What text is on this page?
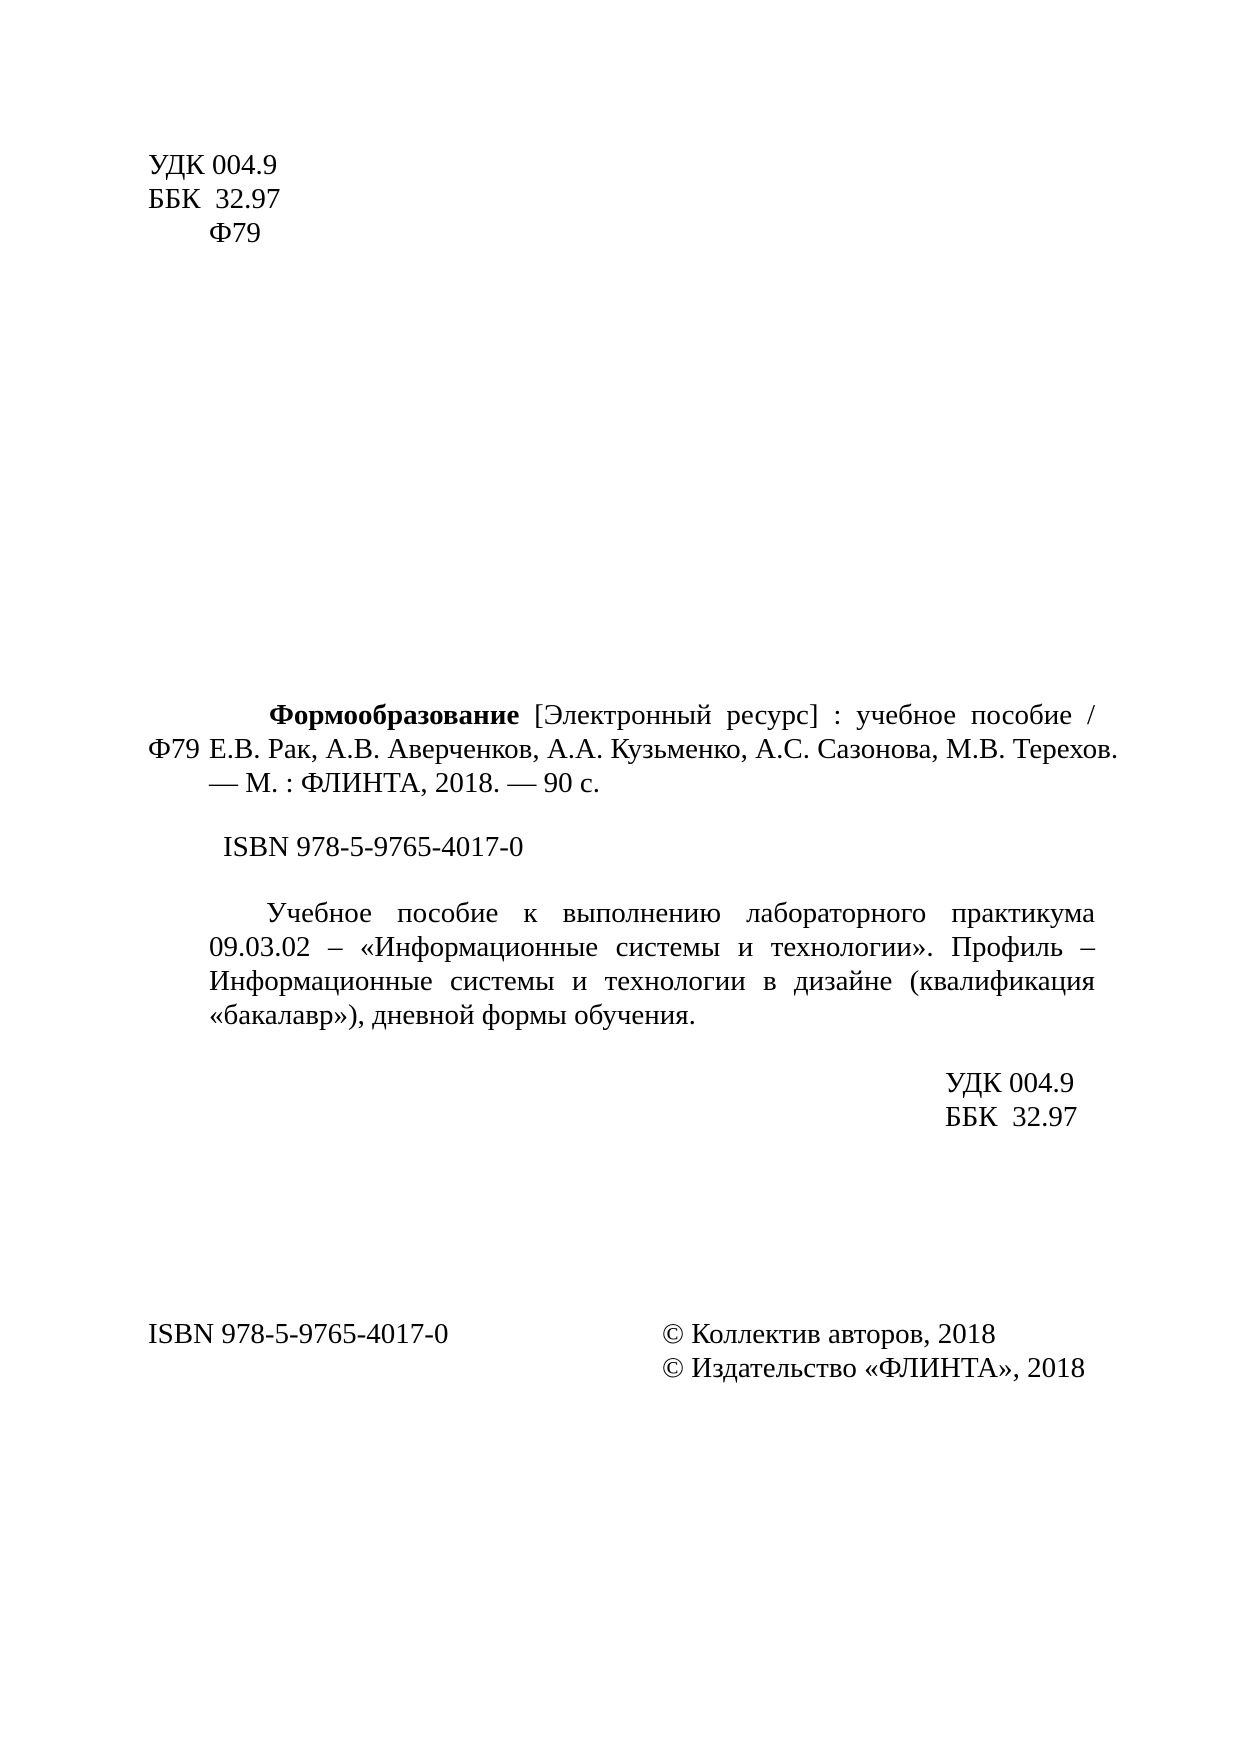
УДК 004.9
ББК  32.97
Ф79
Ф79
Формообразование [Электронный ресурс] : учебное пособие /
Е.В. Рак, А.В. Аверченков, А.А. Кузьменко, А.С. Сазонова, М.В. Терехов.
— М. : ФЛИНТА, 2018. — 90 с.
ISBN 978-5-9765-4017-0
Учебное пособие к выполнению лабораторного практикума
09.03.02 – «Информационные системы и технологии». Профиль –
Информационные системы и технологии в дизайне (квалификация
«бакалавр»), дневной формы обучения.
УДК 004.9
ББК  32.97
ISBN 978-5-9765-4017-0	© Коллектив авторов, 2018
© Издательство «ФЛИНТА», 2018
